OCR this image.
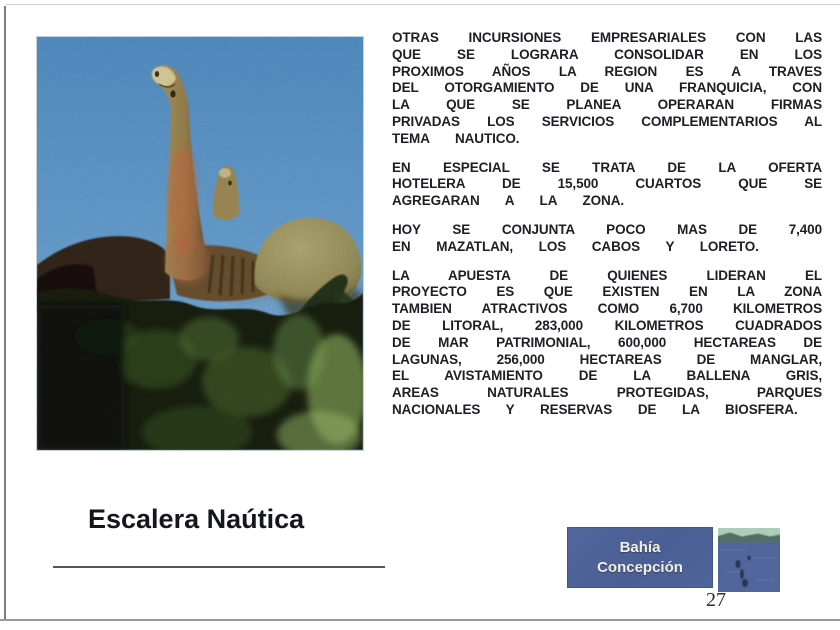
OTRAS INCURSIONES EMPRESARIALES CON LAS QUE SE LOGRARA CONSOLIDAR EN LOS PROXIMOS AÑOS LA REGION ES A TRAVES DEL OTORGAMIENTO DE UNA FRANQUICIA, CON LA QUE SE PLANEA OPERARAN FIRMAS PRIVADAS LOS SERVICIOS COMPLEMENTARIOS AL TEMA NAUTICO.

EN ESPECIAL SE TRATA DE LA OFERTA HOTELERA DE 15,500 CUARTOS QUE SE AGREGARAN A LA ZONA.

HOY SE CONJUNTA POCO MAS DE 7,400 EN MAZATLAN, LOS CABOS Y LORETO.

LA APUESTA DE QUIENES LIDERAN EL PROYECTO ES QUE EXISTEN EN LA ZONA TAMBIEN ATRACTIVOS COMO 6,700 KILOMETROS DE LITORAL, 283,000 KILOMETROS CUADRADOS DE MAR PATRIMONIAL, 600,000 HECTAREAS DE LAGUNAS, 256,000 HECTAREAS DE MANGLAR, EL AVISTAMIENTO DE LA BALLENA GRIS, AREAS NATURALES PROTEGIDAS, PARQUES NACIONALES Y RESERVAS DE LA BIOSFERA.

Escalera Naútica
Bahía
Concepción
27
